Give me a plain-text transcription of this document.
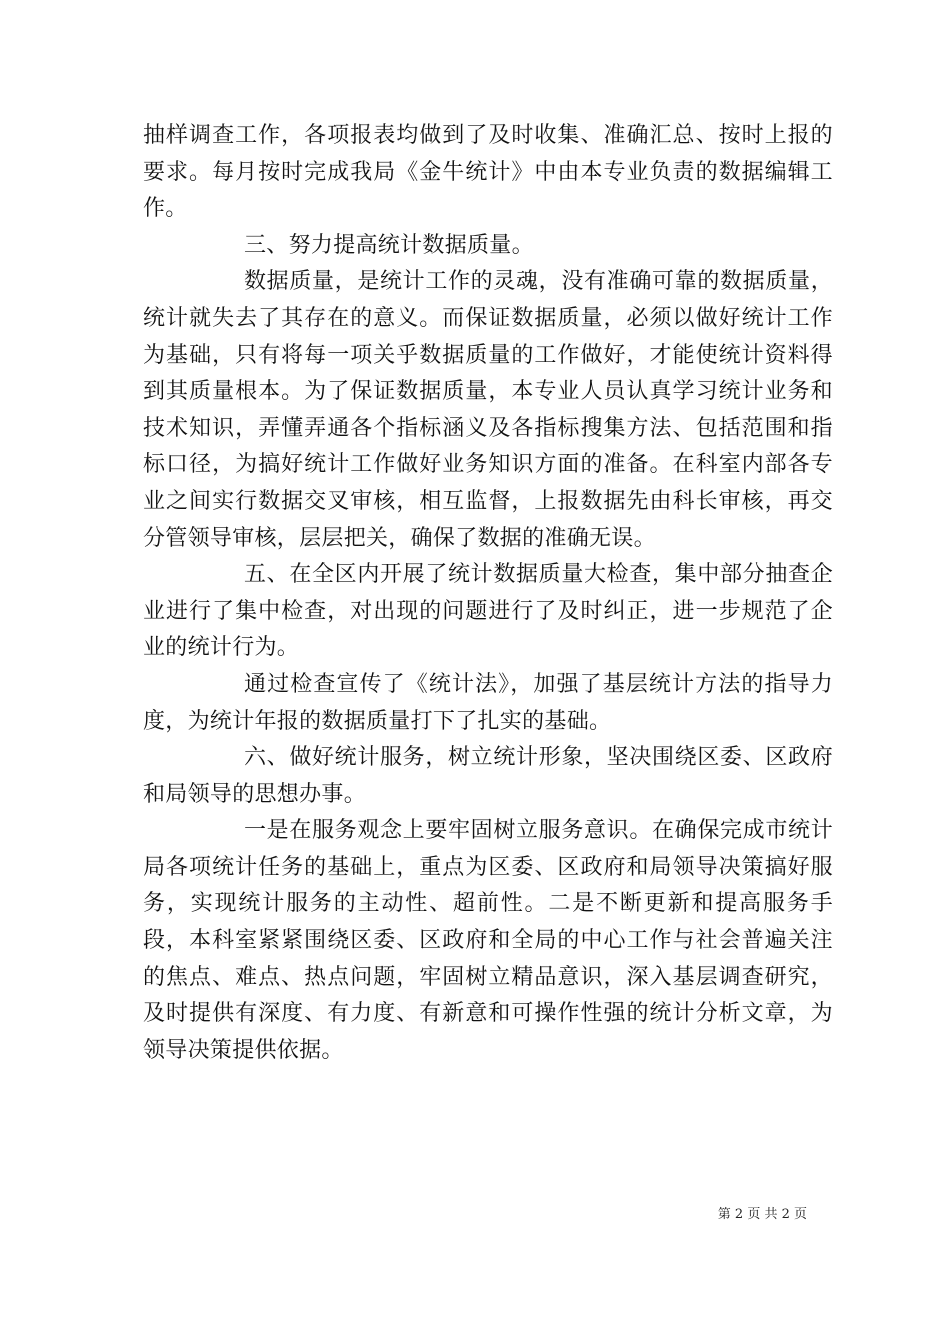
抽样调查工作，各项报表均做到了及时收集、准确汇总、按时上报的要求。每月按时完成我局《金牛统计》中由本专业负责的数据编辑工作。

三、努力提高统计数据质量。

数据质量，是统计工作的灵魂，没有准确可靠的数据质量，统计就失去了其存在的意义。而保证数据质量，必须以做好统计工作为基础，只有将每一项关乎数据质量的工作做好，才能使统计资料得到其质量根本。为了保证数据质量，本专业人员认真学习统计业务和技术知识，弄懂弄通各个指标涵义及各指标搜集方法、包括范围和指标口径，为搞好统计工作做好业务知识方面的准备。在科室内部各专业之间实行数据交叉审核，相互监督，上报数据先由科长审核，再交分管领导审核，层层把关，确保了数据的准确无误。

五、在全区内开展了统计数据质量大检查，集中部分抽查企业进行了集中检查，对出现的问题进行了及时纠正，进一步规范了企业的统计行为。

通过检查宣传了《统计法》，加强了基层统计方法的指导力度，为统计年报的数据质量打下了扎实的基础。

六、做好统计服务，树立统计形象，坚决围绕区委、区政府和局领导的思想办事。

一是在服务观念上要牢固树立服务意识。在确保完成市统计局各项统计任务的基础上，重点为区委、区政府和局领导决策搞好服务，实现统计服务的主动性、超前性。二是不断更新和提高服务手段，本科室紧紧围绕区委、区政府和全局的中心工作与社会普遍关注的焦点、难点、热点问题，牢固树立精品意识，深入基层调查研究，及时提供有深度、有力度、有新意和可操作性强的统计分析文章，为领导决策提供依据。

第 2 页 共 2 页
